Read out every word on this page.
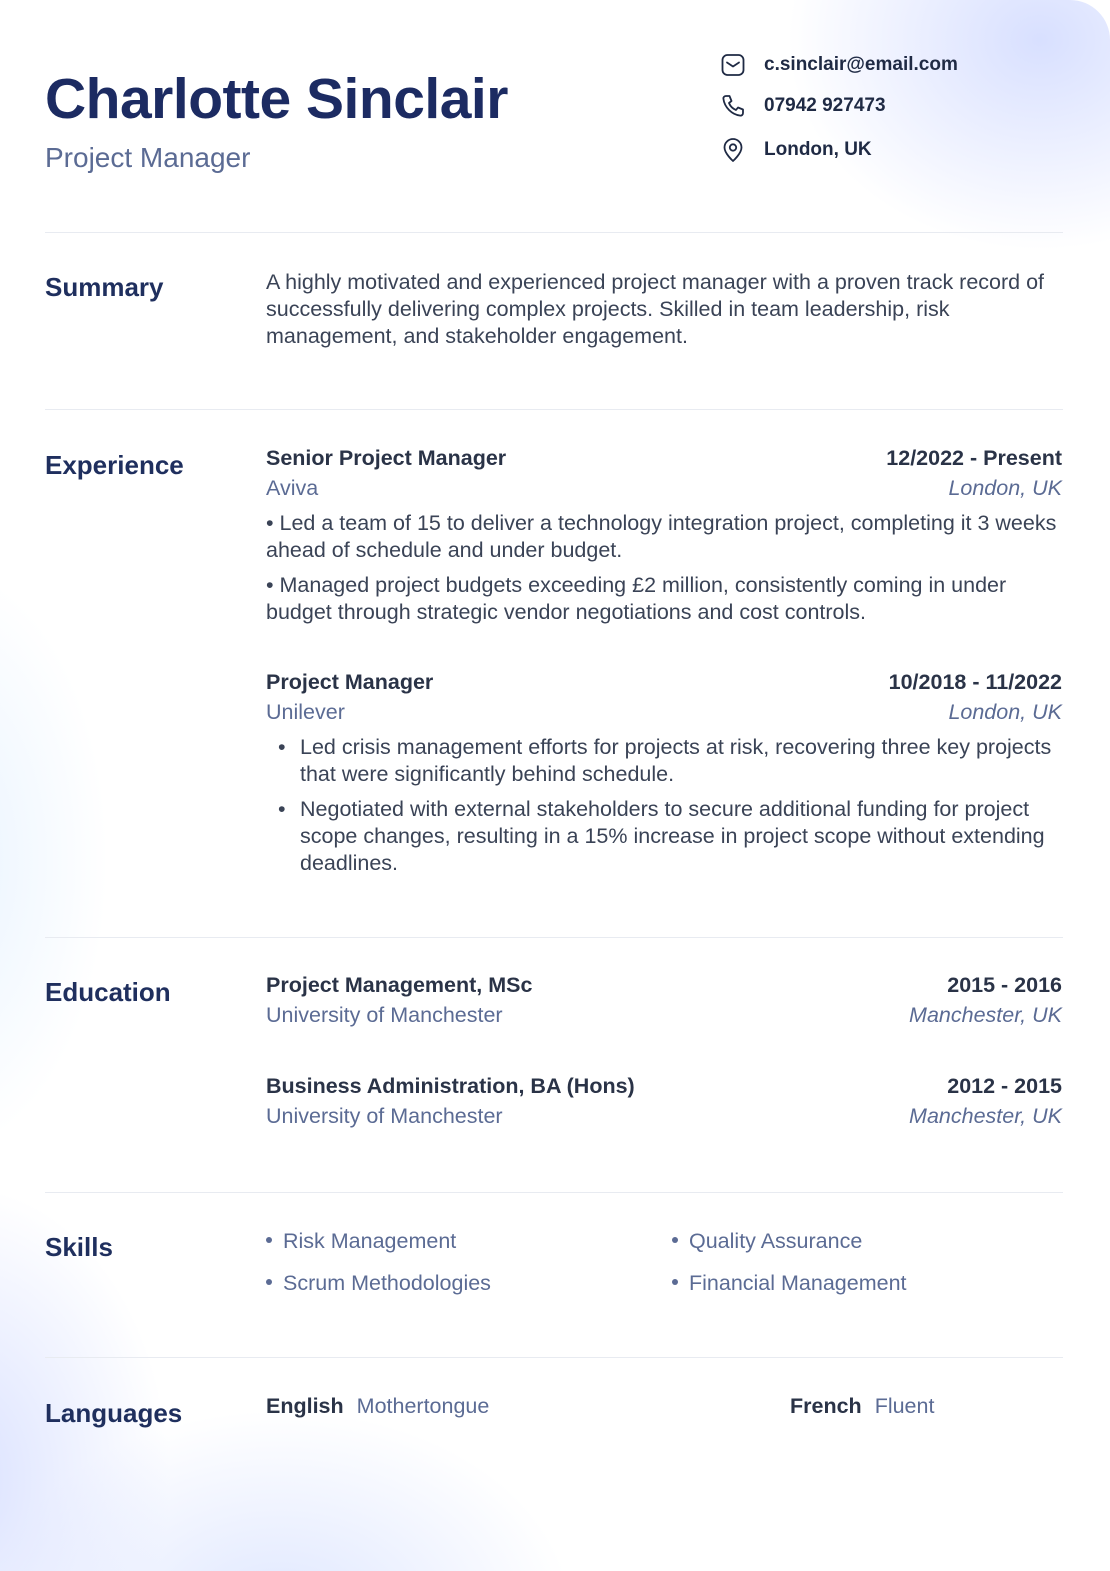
Charlotte Sinclair
Project Manager
c.sinclair@email.com
07942 927473
London, UK
Summary	A highly motivated and experienced project manager with a proven track record of successfully delivering complex projects. Skilled in team leadership, risk management, and stakeholder engagement.
Experience	Senior Project Manager	12/2022 - Present
Aviva	London, UK
• Led a team of 15 to deliver a technology integration project, completing it 3 weeks ahead of schedule and under budget.
• Managed project budgets exceeding £2 million, consistently coming in under budget through strategic vendor negotiations and cost controls.
Project Manager	10/2018 - 11/2022
Unilever	London, UK
• Led crisis management efforts for projects at risk, recovering three key projects that were significantly behind schedule.
• Negotiated with external stakeholders to secure additional funding for project scope changes, resulting in a 15% increase in project scope without extending deadlines.
Education	Project Management, MSc	2015 - 2016
University of Manchester	Manchester, UK
Business Administration, BA (Hons)	2012 - 2015
University of Manchester	Manchester, UK
Skills	Risk Management	Quality Assurance
Scrum Methodologies	Financial Management
Languages	English Mothertongue	French Fluent
